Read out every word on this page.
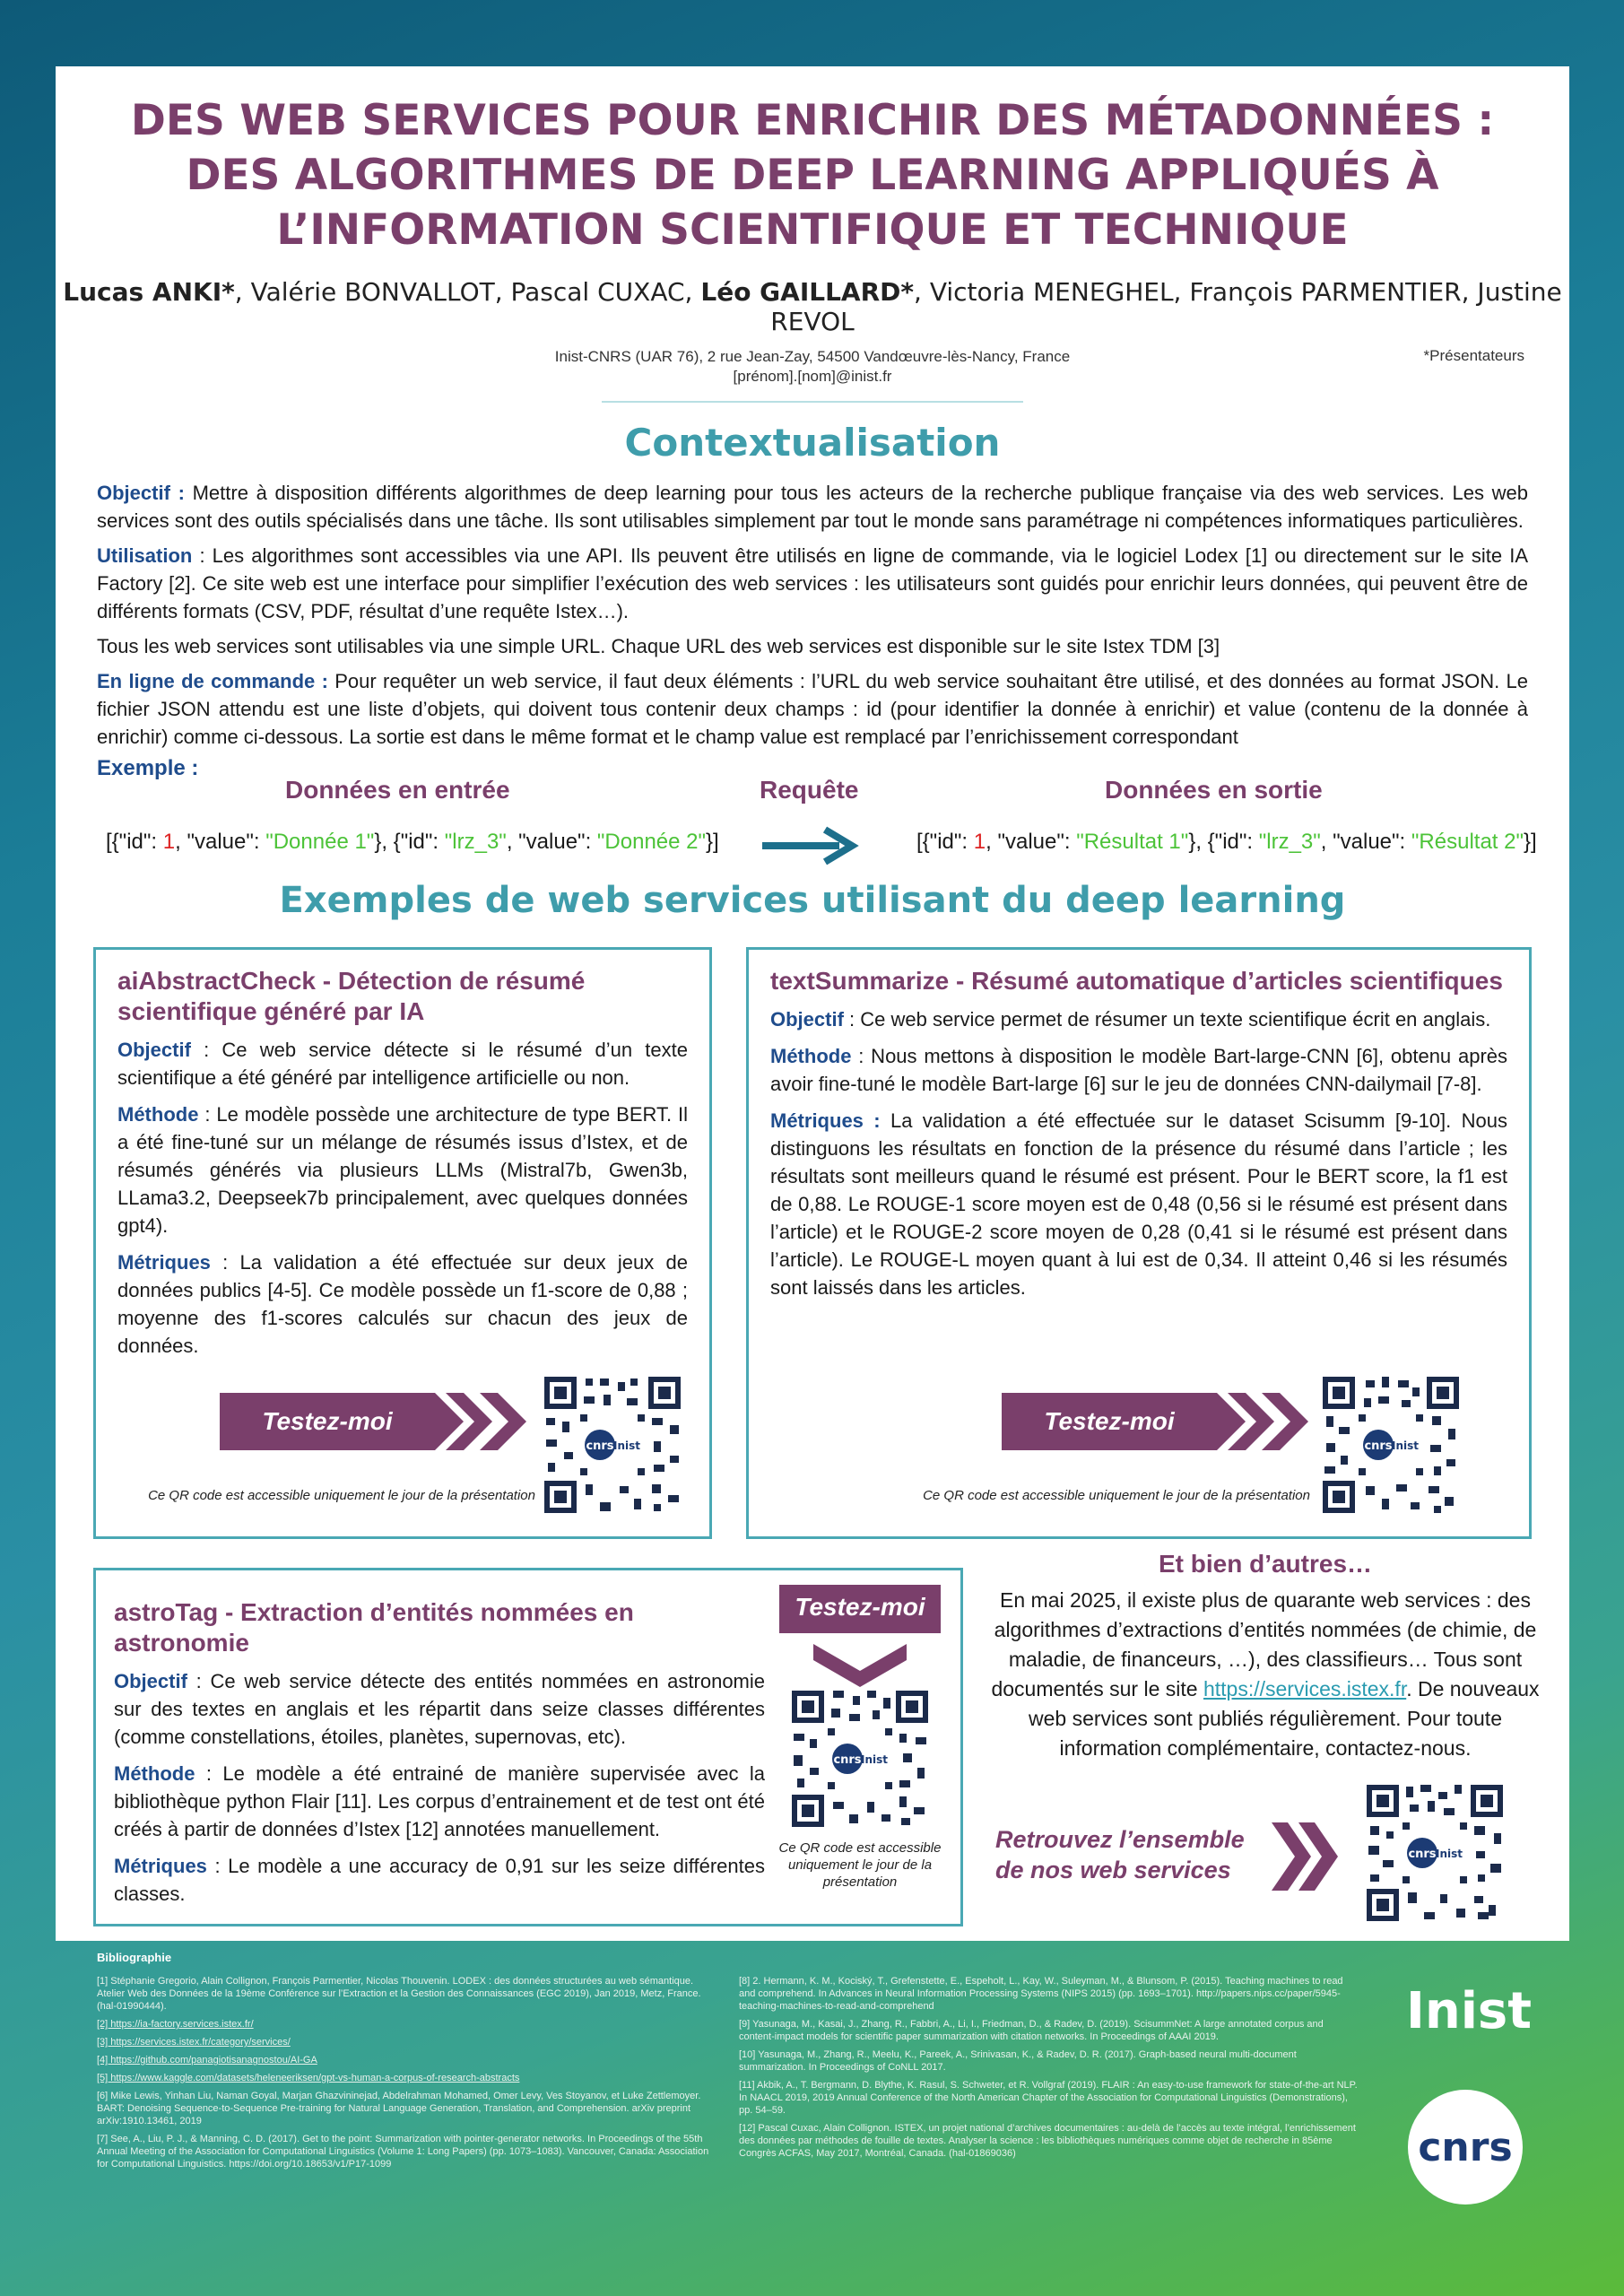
DES WEB SERVICES POUR ENRICHIR DES MÉTADONNÉES :
DES ALGORITHMES DE DEEP LEARNING APPLIQUÉS À
L’INFORMATION SCIENTIFIQUE ET TECHNIQUE
Lucas ANKI*, Valérie BONVALLOT, Pascal CUXAC, Léo GAILLARD*, Victoria MENEGHEL, François PARMENTIER, Justine REVOL
Inist-CNRS (UAR 76), 2 rue Jean-Zay, 54500 Vandœuvre-lès-Nancy, France
[prénom].[nom]@inist.fr
*Présentateurs
Contextualisation

Objectif : Mettre à disposition différents algorithmes de deep learning pour tous les acteurs de la recherche publique française via des web services. Les web services sont des outils spécialisés dans une tâche. Ils sont utilisables simplement par tout le monde sans paramétrage ni compétences informatiques particulières.

Utilisation : Les algorithmes sont accessibles via une API. Ils peuvent être utilisés en ligne de commande, via le logiciel Lodex [1] ou directement sur le site IA Factory [2]. Ce site web est une interface pour simplifier l’exécution des web services : les utilisateurs sont guidés pour enrichir leurs données, qui peuvent être de différents formats (CSV, PDF, résultat d’une requête Istex…).

Tous les web services sont utilisables via une simple URL. Chaque URL des web services est disponible sur le site Istex TDM [3]

En ligne de commande : Pour requêter un web service, il faut deux éléments : l’URL du web service souhaitant être utilisé, et des données au format JSON. Le fichier JSON attendu est une liste d’objets, qui doivent tous contenir deux champs : id (pour identifier la donnée à enrichir) et value (contenu de la donnée à enrichir) comme ci-dessous. La sortie est dans le même format et le champ value est remplacé par l’enrichissement correspondant

Exemple :
Données en entrée	Requête	Données en sortie
[{"id": 1, "value": "Donnée 1"}, {"id": "lrz_3", "value": "Donnée 2"}]	[{"id": 1, "value": "Résultat 1"}, {"id": "lrz_3", "value": "Résultat 2"}]
Exemples de web services utilisant du deep learning
aiAbstractCheck - Détection de résumé scientifique généré par IA

Objectif : Ce web service détecte si le résumé d’un texte scientifique a été généré par intelligence artificielle ou non.

Méthode : Le modèle possède une architecture de type BERT. Il a été fine-tuné sur un mélange de résumés issus d’Istex, et de résumés générés via plusieurs LLMs (Mistral7b, Gwen3b, LLama3.2, Deepseek7b principalement, avec quelques données gpt4).

Métriques : La validation a été effectuée sur deux jeux de données publics [4-5]. Ce modèle possède un f1-score de 0,88 ; moyenne des f1-scores calculés sur chacun des jeux de données.

Testez-moi
cnrs Inist
Ce QR code est accessible uniquement le jour de la présentation
textSummarize - Résumé automatique d’articles scientifiques

Objectif : Ce web service permet de résumer un texte scientifique écrit en anglais.

Méthode : Nous mettons à disposition le modèle Bart-large-CNN [6], obtenu après avoir fine-tuné le modèle Bart-large [6] sur le jeu de données CNN-dailymail [7-8].

Métriques : La validation a été effectuée sur le dataset Scisumm [9-10]. Nous distinguons les résultats en fonction de la présence du résumé dans l’article ; les résultats sont meilleurs quand le résumé est présent. Pour le BERT score, la f1 est de 0,88. Le ROUGE-1 score moyen est de 0,48 (0,56 si le résumé est présent dans l’article) et le ROUGE-2 score moyen de 0,28 (0,41 si le résumé est présent dans l’article). Le ROUGE-L moyen quant à lui est de 0,34. Il atteint 0,46 si les résumés sont laissés dans les articles.

Testez-moi
cnrs Inist
Ce QR code est accessible uniquement le jour de la présentation
astroTag - Extraction d’entités nommées en astronomie

Objectif : Ce web service détecte des entités nommées en astronomie sur des textes en anglais et les répartit dans seize classes différentes (comme constellations, étoiles, planètes, supernovas, etc).

Méthode : Le modèle a été entrainé de manière supervisée avec la bibliothèque python Flair [11]. Les corpus d’entrainement et de test ont été créés à partir de données d’Istex [12] annotées manuellement.

Métriques : Le modèle a une accuracy de 0,91 sur les seize différentes classes.

Testez-moi
cnrs Inist
Ce QR code est accessible uniquement le jour de la présentation
Et bien d’autres…

En mai 2025, il existe plus de quarante web services : des algorithmes d’extractions d’entités nommées (de chimie, de maladie, de financeurs, …), des classifieurs… Tous sont documentés sur le site https://services.istex.fr. De nouveaux web services sont publiés régulièrement. Pour toute information complémentaire, contactez-nous.

Retrouvez l’ensemble de nos web services
cnrs Inist
Bibliographie

[1] Stéphanie Gregorio, Alain Collignon, François Parmentier, Nicolas Thouvenin. LODEX : des données structurées au web sémantique. Atelier Web des Données de la 19ème Conférence sur l’Extraction et la Gestion des Connaissances (EGC 2019), Jan 2019, Metz, France. (hal-01990444).

[2] https://ia-factory.services.istex.fr/

[3] https://services.istex.fr/category/services/

[4] https://github.com/panagiotisanagnostou/AI-GA

[5] https://www.kaggle.com/datasets/heleneeriksen/gpt-vs-human-a-corpus-of-research-abstracts

[6] Mike Lewis, Yinhan Liu, Naman Goyal, Marjan Ghazvininejad, Abdelrahman Mohamed, Omer Levy, Ves Stoyanov, et Luke Zettlemoyer. BART: Denoising Sequence-to-Sequence Pre-training for Natural Language Generation, Translation, and Comprehension. arXiv preprint arXiv:1910.13461, 2019

[7] See, A., Liu, P. J., & Manning, C. D. (2017). Get to the point: Summarization with pointer-generator networks. In Proceedings of the 55th Annual Meeting of the Association for Computational Linguistics (Volume 1: Long Papers) (pp. 1073–1083). Vancouver, Canada: Association for Computational Linguistics. https://doi.org/10.18653/v1/P17-1099

[8] 2. Hermann, K. M., Kociský, T., Grefenstette, E., Espeholt, L., Kay, W., Suleyman, M., & Blunsom, P. (2015). Teaching machines to read and comprehend. In Advances in Neural Information Processing Systems (NIPS 2015) (pp. 1693–1701). http://papers.nips.cc/paper/5945-teaching-machines-to-read-and-comprehend

[9] Yasunaga, M., Kasai, J., Zhang, R., Fabbri, A., Li, I., Friedman, D., & Radev, D. (2019). ScisummNet: A large annotated corpus and content-impact models for scientific paper summarization with citation networks. In Proceedings of AAAI 2019.

[10] Yasunaga, M., Zhang, R., Meelu, K., Pareek, A., Srinivasan, K., & Radev, D. R. (2017). Graph-based neural multi-document summarization. In Proceedings of CoNLL 2017.

[11] Akbik, A., T. Bergmann, D. Blythe, K. Rasul, S. Schweter, et R. Vollgraf (2019). FLAIR : An easy-to-use framework for state-of-the-art NLP. In NAACL 2019, 2019 Annual Conference of the North American Chapter of the Association for Computational Linguistics (Demonstrations), pp. 54–59.

[12] Pascal Cuxac, Alain Collignon. ISTEX, un projet national d’archives documentaires : au-delà de l’accès au texte intégral, l’enrichissement des données par méthodes de fouille de textes. Analyser la science : les bibliothèques numériques comme objet de recherche in 85ème Congrès ACFAS, May 2017, Montréal, Canada. (hal-01869036)

Inist
cnrs
